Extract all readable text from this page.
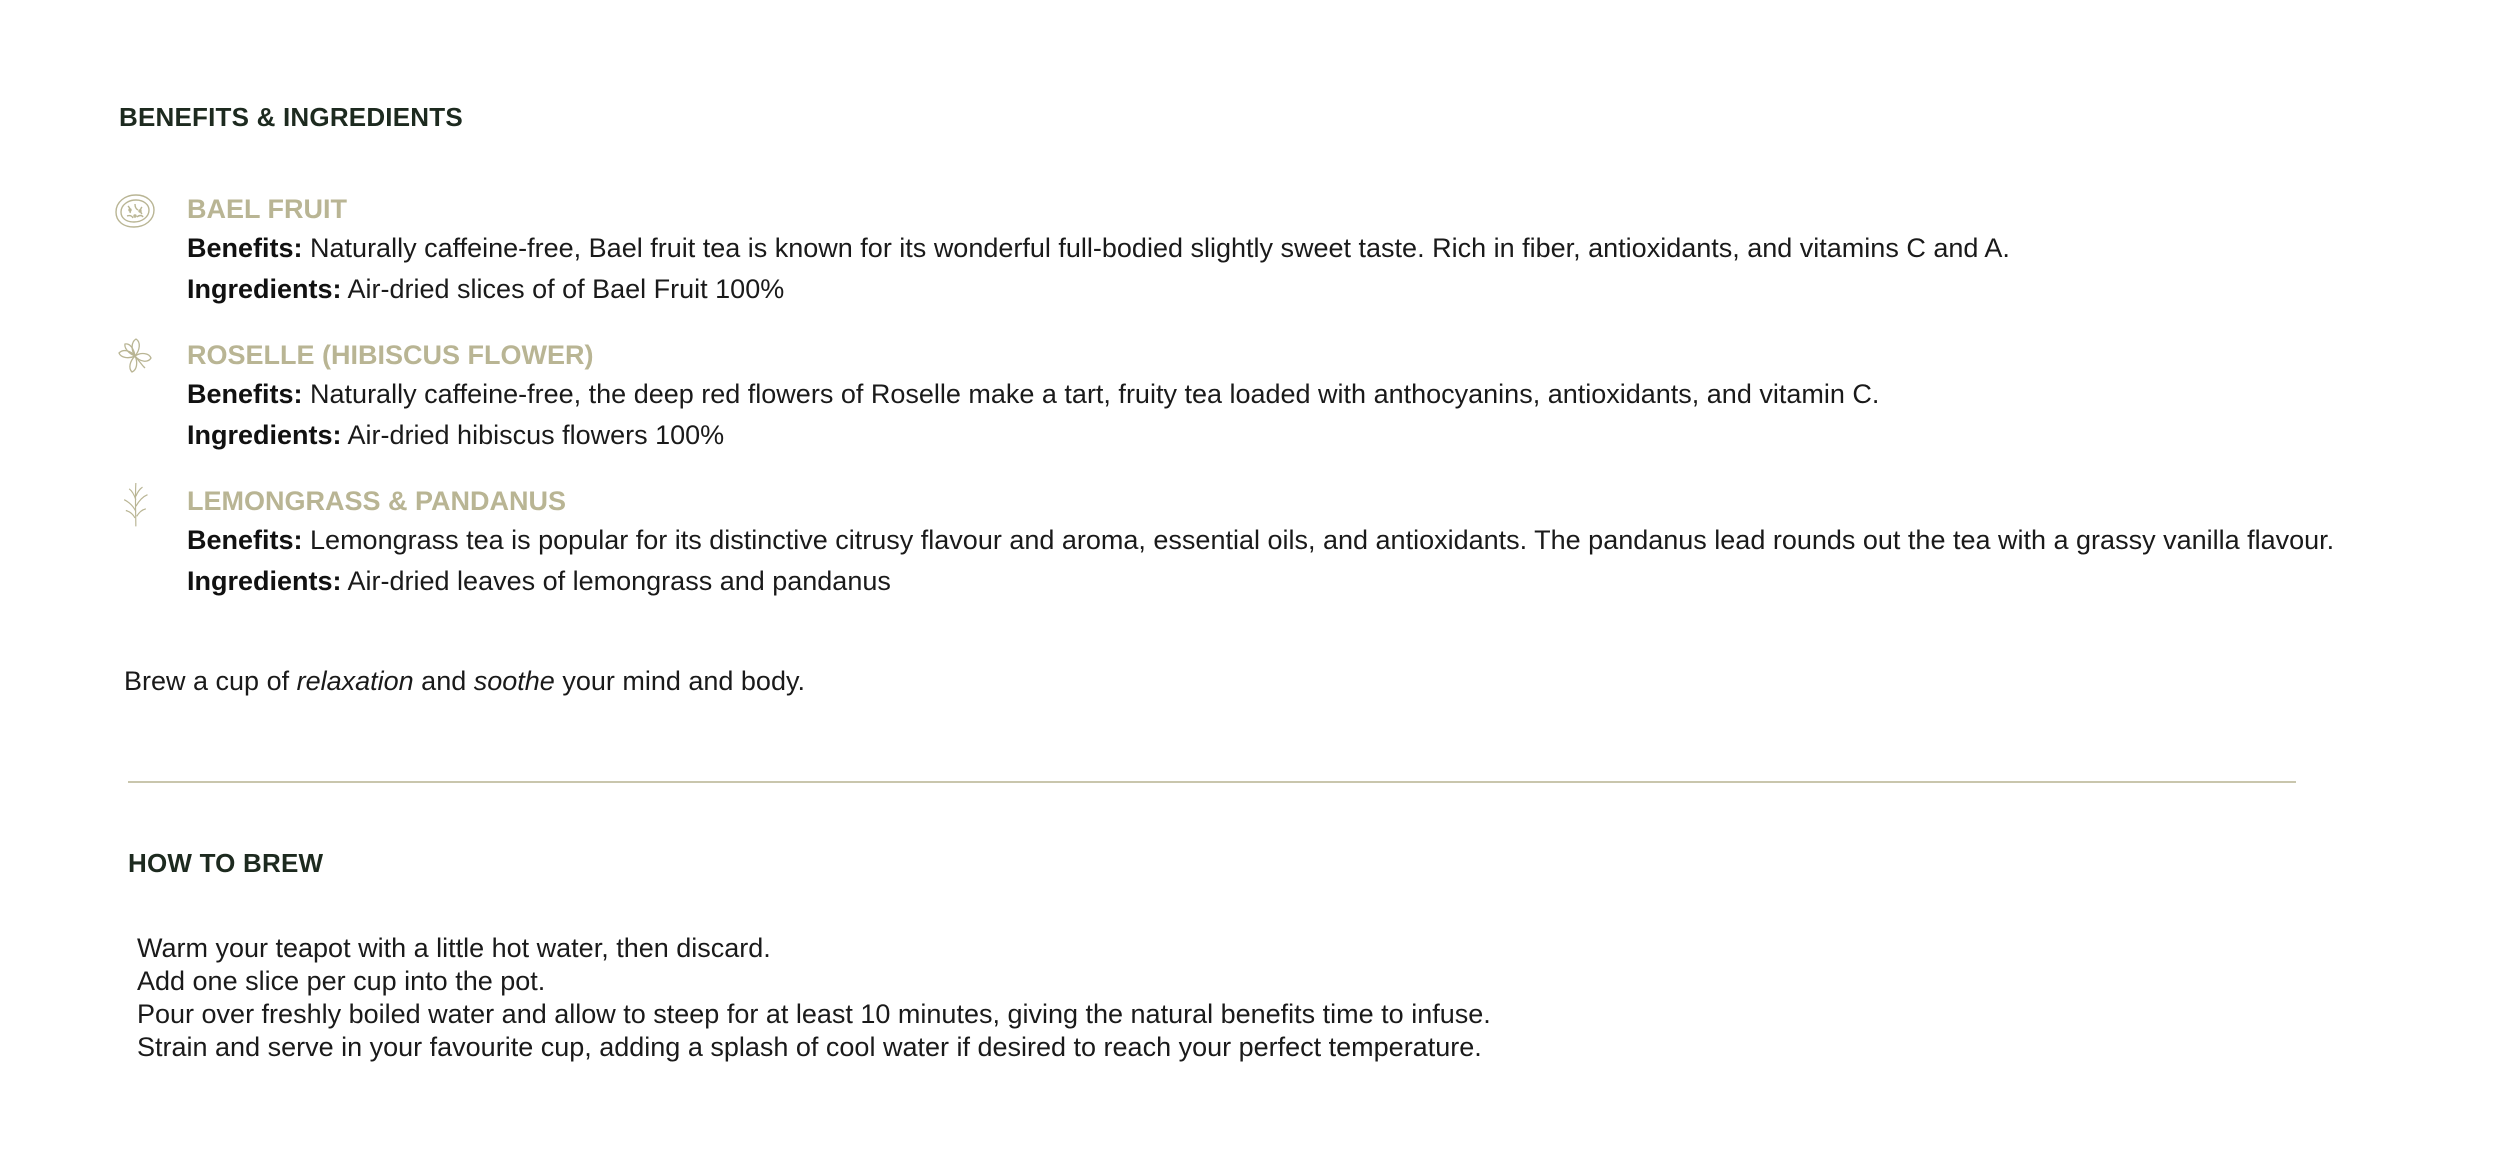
BENEFITS & INGREDIENTS

BAEL FRUIT

Benefits: Naturally caffeine-free, Bael fruit tea is known for its wonderful full-bodied slightly sweet taste. Rich in fiber, antioxidants, and vitamins C and A.

Ingredients: Air-dried slices of of Bael Fruit 100%

ROSELLE (HIBISCUS FLOWER)

Benefits: Naturally caffeine-free, the deep red flowers of Roselle make a tart, fruity tea loaded with anthocyanins, antioxidants, and vitamin C.

Ingredients: Air-dried hibiscus flowers 100%

LEMONGRASS & PANDANUS

Benefits: Lemongrass tea is popular for its distinctive citrusy flavour and aroma, essential oils, and antioxidants. The pandanus lead rounds out the tea with a grassy vanilla flavour.

Ingredients: Air-dried leaves of lemongrass and pandanus

Brew a cup of relaxation and soothe your mind and body.

HOW TO BREW
Warm your teapot with a little hot water, then discard.
Add one slice per cup into the pot.
Pour over freshly boiled water and allow to steep for at least 10 minutes, giving the natural benefits time to infuse.
Strain and serve in your favourite cup, adding a splash of cool water if desired to reach your perfect temperature.
